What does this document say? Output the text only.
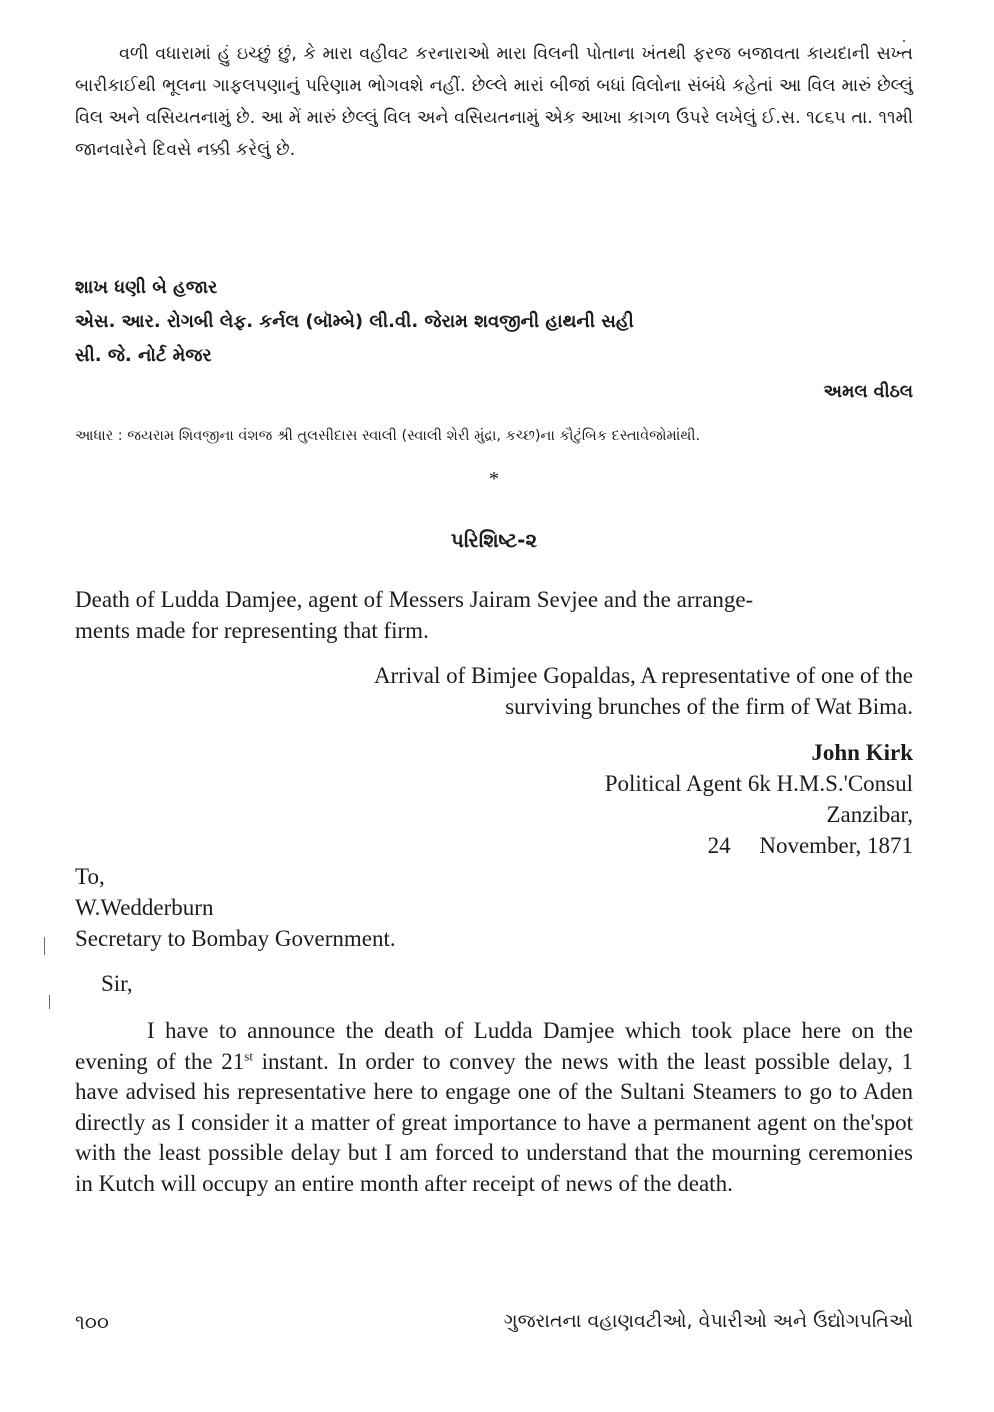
વળી વધારામાં હું ઇચ્છું છું, કે મારા વહીવટ કરનારાઓ મારા વિલની પોતાના ખંતથી ફરજ બજાવતા કાયદાની સખ્ત બારીકાઈથી ભૂલના ગાફલપણાનું પરિણામ ભોગવશે નહીં. છેલ્લે મારાં બીજાં બધાં વિલોના સંબંધે કહેતાં આ વિલ મારું છેલ્લું વિલ અને વસિયતનામું છે. આ મેં મારું છેલ્લું વિલ અને વસિયતનામું એક આખા કાગળ ઉપરે લખેલું ઈ.સ. ૧૮૬૫ તા. ૧૧મી જાનવારેને દિવસે નક્કી કરેલું છે.
શાખ ધણી બે હજાર
એસ. આર. રોગબી લેફ. કર્નલ (બૉમ્બે) લી.વી. જેરામ શવજીની હાથની સહી
સી. જે. નોર્ટ મેજર
અમલ વીઠલ
આધાર : જયરામ શિવજીના વંશજ શ્રી તુલસીદાસ સ્વાલી (સ્વાલી શેરી મુંદ્રા, કચ્છ)ના કૌટુંબિક દસ્તાવેજોમાંથી.
*
પરિશિષ્ટ-૨
Death of Ludda Damjee, agent of Messers Jairam Sevjee and the arrange-
ments made for representing that firm.
Arrival of Bimjee Gopaldas, A representative of one of the
surviving brunches of the firm of Wat Bima.
John Kirk
Political Agent 6k H.M.S.'Consul
Zanzibar,
24 November, 1871
To,
W.Wedderburn
Secretary to Bombay Government.
Sir,
I have to announce the death of Ludda Damjee which took place here on the evening of the 21st instant. In order to convey the news with the least possible delay, 1 have advised his representative here to engage one of the Sultani Steamers to go to Aden directly as I consider it a matter of great importance to have a permanent agent on the'spot with the least possible delay but I am forced to understand that the mourning ceremonies in Kutch will occupy an entire month after receipt of news of the death.
૧૦૦	ગુજરાતના વહાણવટીઓ, વેપારીઓ અને ઉદ્યોગપતિઓ
